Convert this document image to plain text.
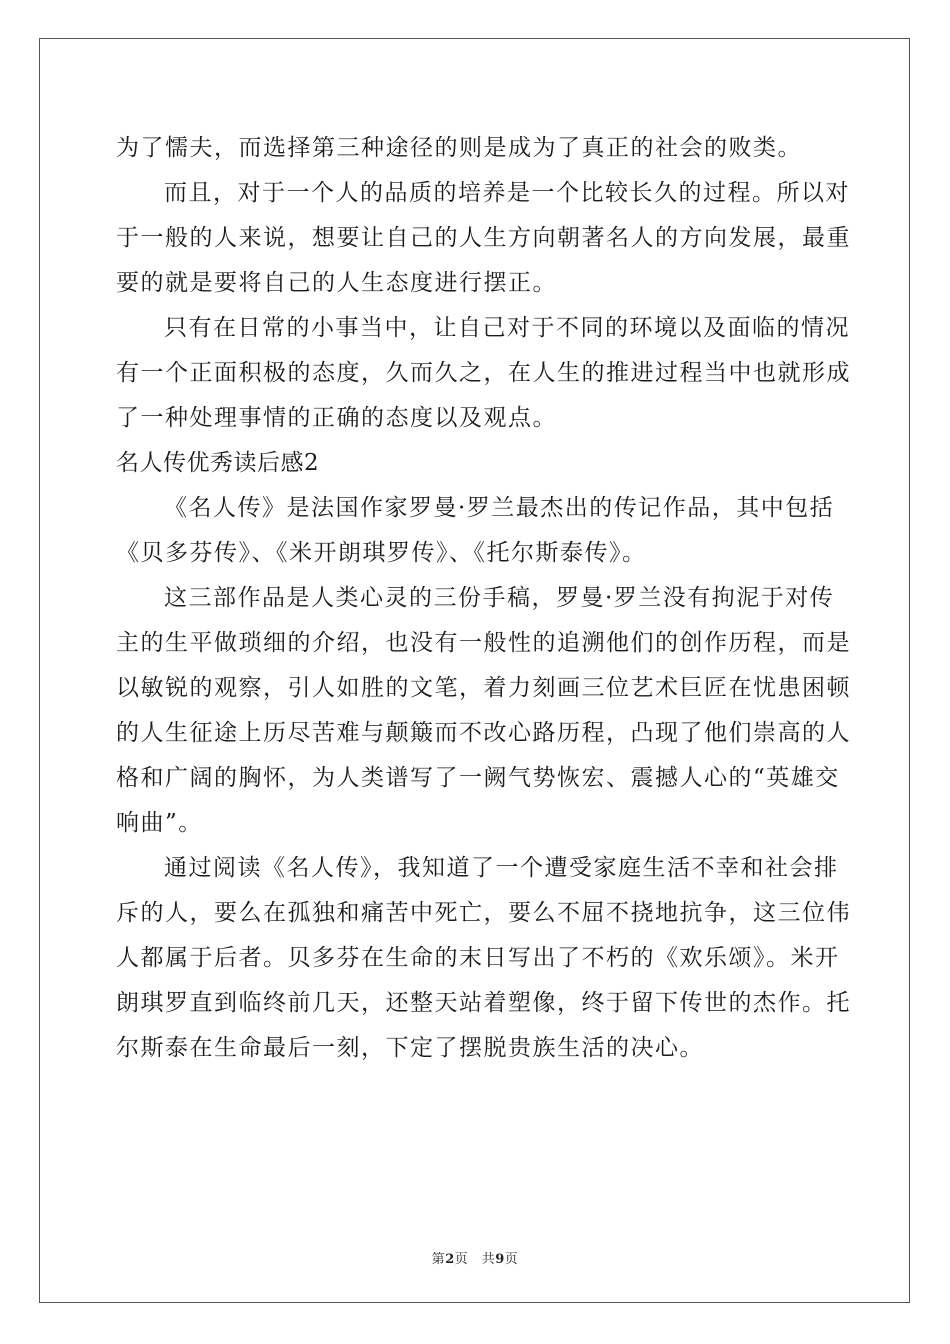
为了懦夫，而选择第三种途径的则是成为了真正的社会的败类。
而且，对于一个人的品质的培养是一个比较长久的过程。所以对
于一般的人来说，想要让自己的人生方向朝著名人的方向发展，最重
要的就是要将自己的人生态度进行摆正。
只有在日常的小事当中，让自己对于不同的环境以及面临的情况
有一个正面积极的态度，久而久之，在人生的推进过程当中也就形成
了一种处理事情的正确的态度以及观点。
名人传优秀读后感2
《名人传》是法国作家罗曼·罗兰最杰出的传记作品，其中包括
《贝多芬传》、《米开朗琪罗传》、《托尔斯泰传》。
这三部作品是人类心灵的三份手稿，罗曼·罗兰没有拘泥于对传
主的生平做琐细的介绍，也没有一般性的追溯他们的创作历程，而是
以敏锐的观察，引人如胜的文笔，着力刻画三位艺术巨匠在忧患困顿
的人生征途上历尽苦难与颠簸而不改心路历程，凸现了他们崇高的人
格和广阔的胸怀，为人类谱写了一阙气势恢宏、震撼人心的“英雄交
响曲”。
通过阅读《名人传》，我知道了一个遭受家庭生活不幸和社会排
斥的人，要么在孤独和痛苦中死亡，要么不屈不挠地抗争，这三位伟
人都属于后者。贝多芬在生命的末日写出了不朽的《欢乐颂》。米开
朗琪罗直到临终前几天，还整天站着塑像，终于留下传世的杰作。托
尔斯泰在生命最后一刻，下定了摆脱贵族生活的决心。
第2页　共9页
